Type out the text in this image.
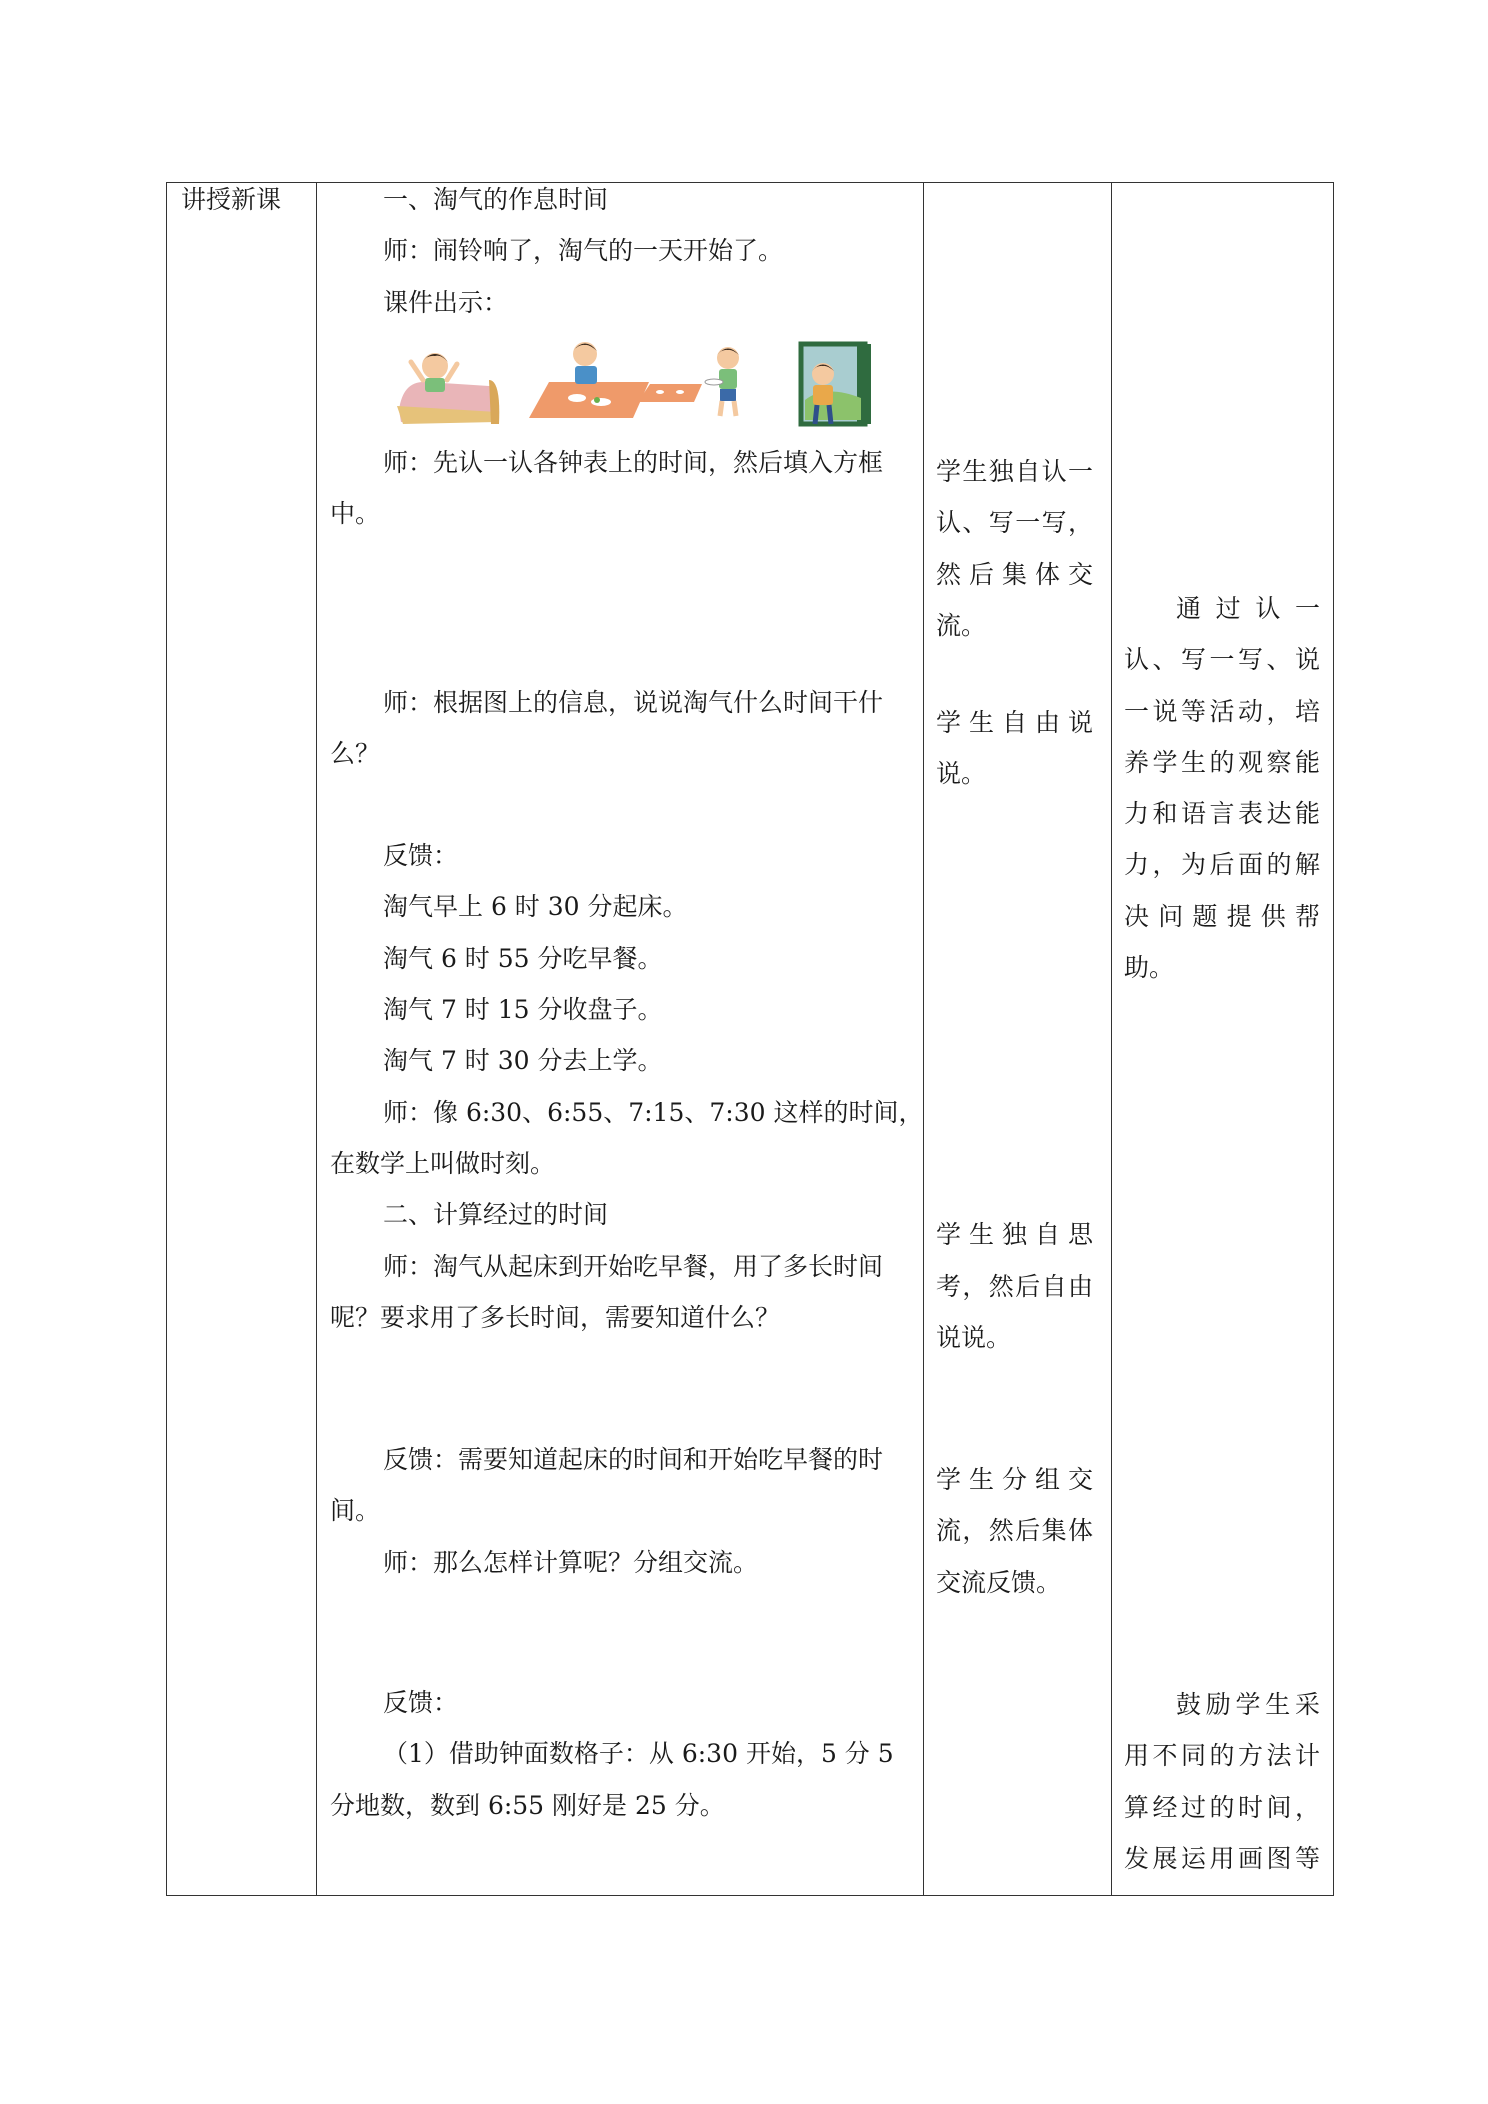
讲授新课	一、淘气的作息时间
师：闹铃响了，淘气的一天开始了。
课件出示：
师：先认一认各钟表上的时间，然后填入方框
中。
师：根据图上的信息，说说淘气什么时间干什
么？
反馈：
淘气早上 6 时 30 分起床。
淘气 6 时 55 分吃早餐。
淘气 7 时 15 分收盘子。
淘气 7 时 30 分去上学。
师：像 6:30、6:55、7:15、7:30 这样的时间，
在数学上叫做时刻。
二、计算经过的时间
师：淘气从起床到开始吃早餐，用了多长时间
呢？要求用了多长时间，需要知道什么？
反馈：需要知道起床的时间和开始吃早餐的时
间。
师：那么怎样计算呢？分组交流。
反馈：
（1）借助钟面数格子：从 6:30 开始，5 分 5
分地数，数到 6:55 刚好是 25 分。
学生独自认一
认、写一写，
然后集体交
流。
学生自由说
说。
学生独自思
考，然后自由
说说。
学生分组交
流，然后集体
交流反馈。
通过认一
认、写一写、说
一说等活动，培
养学生的观察能
力和语言表达能
力，为后面的解
决问题提供帮
助。
鼓励学生采
用不同的方法计
算经过的时间，
发展运用画图等
